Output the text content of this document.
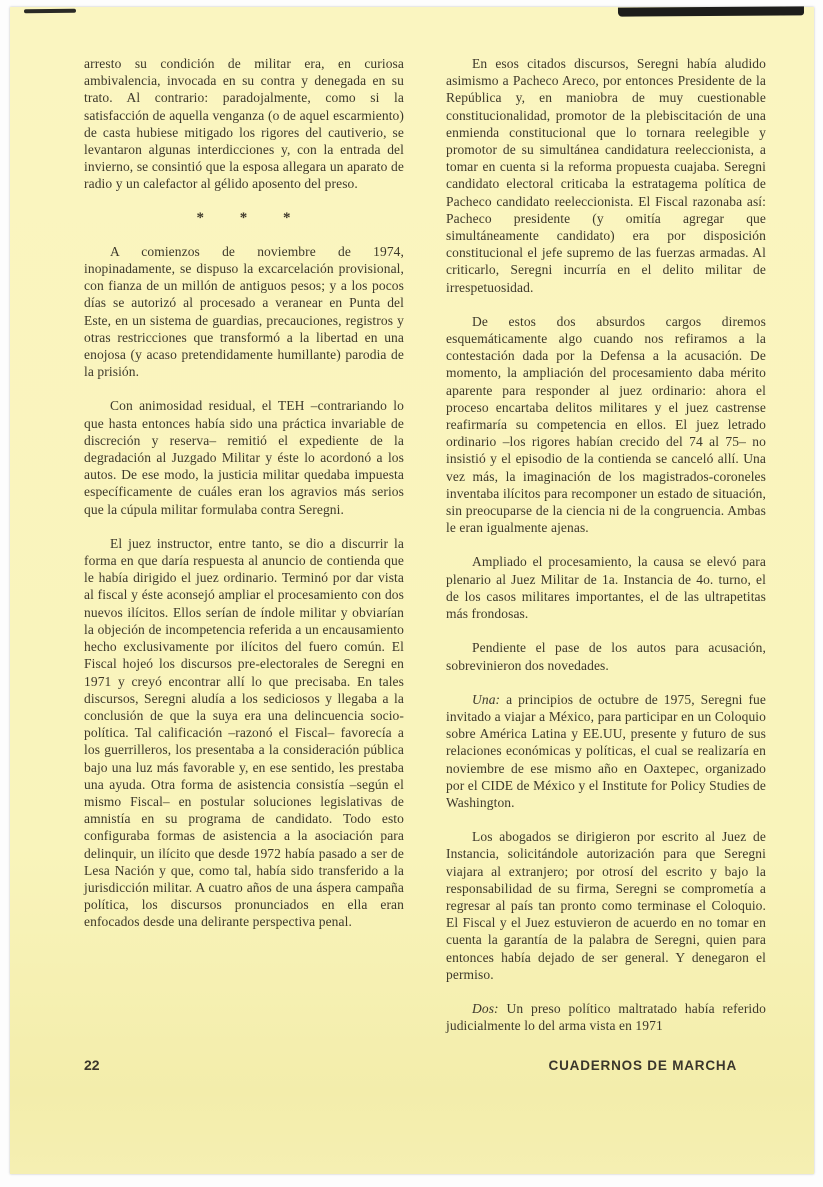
arresto su condición de militar era, en curiosa ambivalencia, invocada en su contra y denegada en su trato. Al contrario: paradojalmente, como si la satisfacción de aquella venganza (o de aquel escarmiento) de casta hubiese mitigado los rigores del cautiverio, se levantaron algunas interdicciones y, con la entrada del invierno, se consintió que la esposa allegara un aparato de radio y un calefactor al gélido aposento del preso.

* * *

A comienzos de noviembre de 1974, inopinadamente, se dispuso la excarcelación provisional, con fianza de un millón de antiguos pesos; y a los pocos días se autorizó al procesado a veranear en Punta del Este, en un sistema de guardias, precauciones, registros y otras restricciones que transformó a la libertad en una enojosa (y acaso pretendidamente humillante) parodia de la prisión.

Con animosidad residual, el TEH –contrariando lo que hasta entonces había sido una práctica invariable de discreción y reserva– remitió el expediente de la degradación al Juzgado Militar y éste lo acordonó a los autos. De ese modo, la justicia militar quedaba impuesta específicamente de cuáles eran los agravios más serios que la cúpula militar formulaba contra Seregni.

El juez instructor, entre tanto, se dio a discurrir la forma en que daría respuesta al anuncio de contienda que le había dirigido el juez ordinario. Terminó por dar vista al fiscal y éste aconsejó ampliar el procesamiento con dos nuevos ilícitos. Ellos serían de índole militar y obviarían la objeción de incompetencia referida a un encausamiento hecho exclusivamente por ilícitos del fuero común. El Fiscal hojeó los discursos pre-electorales de Seregni en 1971 y creyó encontrar allí lo que precisaba. En tales discursos, Seregni aludía a los sediciosos y llegaba a la conclusión de que la suya era una delincuencia socio-política. Tal calificación –razonó el Fiscal– favorecía a los guerrilleros, los presentaba a la consideración pública bajo una luz más favorable y, en ese sentido, les prestaba una ayuda. Otra forma de asistencia consistía –según el mismo Fiscal– en postular soluciones legislativas de amnistía en su programa de candidato. Todo esto configuraba formas de asistencia a la asociación para delinquir, un ilícito que desde 1972 había pasado a ser de Lesa Nación y que, como tal, había sido transferido a la jurisdicción militar. A cuatro años de una áspera campaña política, los discursos pronunciados en ella eran enfocados desde una delirante perspectiva penal.

En esos citados discursos, Seregni había aludido asimismo a Pacheco Areco, por entonces Presidente de la República y, en maniobra de muy cuestionable constitucionalidad, promotor de la plebiscitación de una enmienda constitucional que lo tornara reelegible y promotor de su simultánea candidatura reeleccionista, a tomar en cuenta si la reforma propuesta cuajaba. Seregni candidato electoral criticaba la estratagema política de Pacheco candidato reeleccionista. El Fiscal razonaba así: Pacheco presidente (y omitía agregar que simultáneamente candidato) era por disposición constitucional el jefe supremo de las fuerzas armadas. Al criticarlo, Seregni incurría en el delito militar de irrespetuosidad.

De estos dos absurdos cargos diremos esquemáticamente algo cuando nos refiramos a la contestación dada por la Defensa a la acusación. De momento, la ampliación del procesamiento daba mérito aparente para responder al juez ordinario: ahora el proceso encartaba delitos militares y el juez castrense reafirmaría su competencia en ellos. El juez letrado ordinario –los rigores habían crecido del 74 al 75– no insistió y el episodio de la contienda se canceló allí. Una vez más, la imaginación de los magistrados-coroneles inventaba ilícitos para recomponer un estado de situación, sin preocuparse de la ciencia ni de la congruencia. Ambas le eran igualmente ajenas.

Ampliado el procesamiento, la causa se elevó para plenario al Juez Militar de 1a. Instancia de 4o. turno, el de los casos militares importantes, el de las ultrapetitas más frondosas.

Pendiente el pase de los autos para acusación, sobrevinieron dos novedades.

Una: a principios de octubre de 1975, Seregni fue invitado a viajar a México, para participar en un Coloquio sobre América Latina y EE.UU, presente y futuro de sus relaciones económicas y políticas, el cual se realizaría en noviembre de ese mismo año en Oaxtepec, organizado por el CIDE de México y el Institute for Policy Studies de Washington.

Los abogados se dirigieron por escrito al Juez de Instancia, solicitándole autorización para que Seregni viajara al extranjero; por otrosí del escrito y bajo la responsabilidad de su firma, Seregni se comprometía a regresar al país tan pronto como terminase el Coloquio. El Fiscal y el Juez estuvieron de acuerdo en no tomar en cuenta la garantía de la palabra de Seregni, quien para entonces había dejado de ser general. Y denegaron el permiso.

Dos: Un preso político maltratado había referido judicialmente lo del arma vista en 1971

22	CUADERNOS DE MARCHA
